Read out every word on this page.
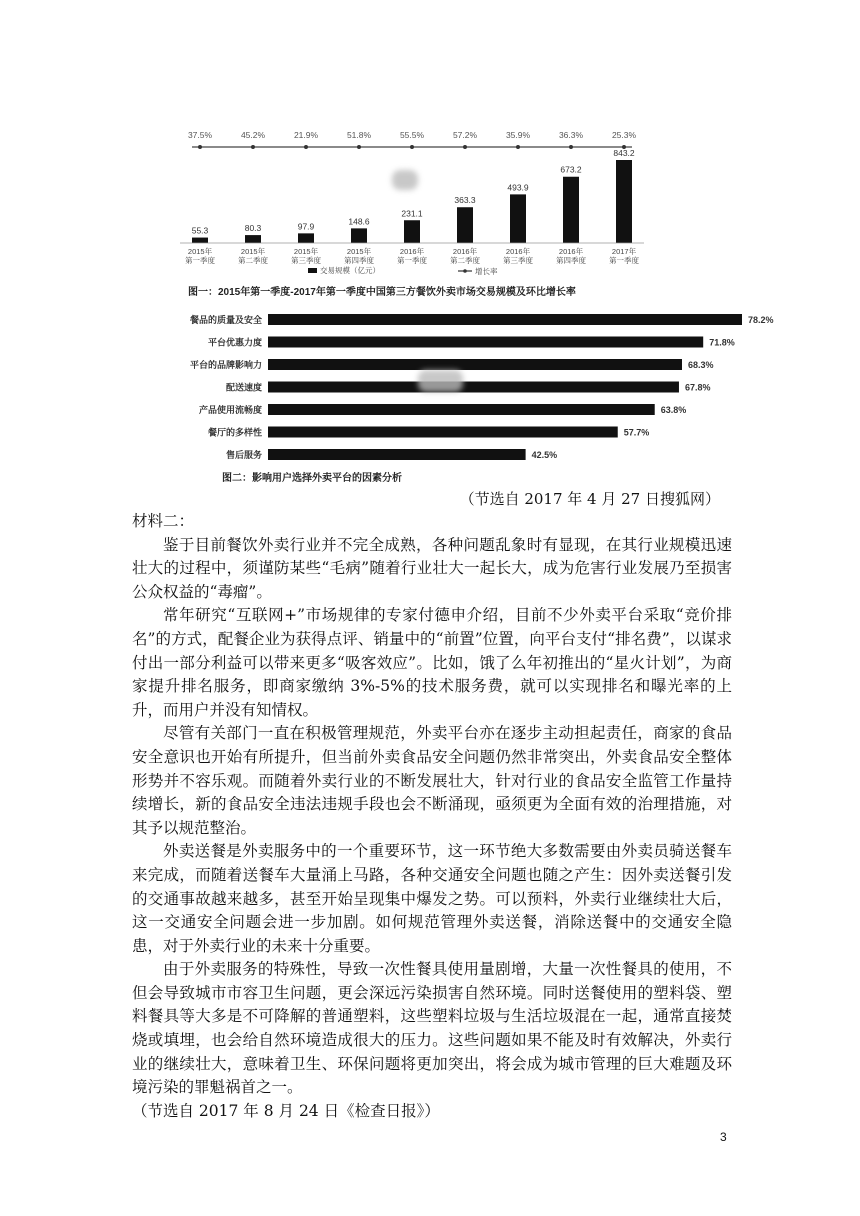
37.5%
55.3
2015年
第一季度
45.2%
80.3
2015年
第二季度
21.9%
97.9
2015年
第三季度
51.8%
148.6
2015年
第四季度
55.5%
231.1
2016年
第一季度
57.2%
363.3
2016年
第二季度
35.9%
493.9
2016年
第三季度
36.3%
673.2
2016年
第四季度
25.3%
843.2
2017年
第一季度
交易规模（亿元）	增长率
图一：2015年第一季度-2017年第一季度中国第三方餐饮外卖市场交易规模及环比增长率
餐品的质量及安全	78.2%
平台优惠力度	71.8%
平台的品牌影响力	68.3%
配送速度	67.8%
产品使用流畅度	63.8%
餐厅的多样性	57.7%
售后服务	42.5%
图二：影响用户选择外卖平台的因素分析
（节选自 2017 年 4 月 27 日搜狐网）

材料二：

鉴于目前餐饮外卖行业并不完全成熟，各种问题乱象时有显现，在其行业规模迅速壮大的过程中，须谨防某些“毛病”随着行业壮大一起长大，成为危害行业发展乃至损害公众权益的“毒瘤”。

常年研究“互联网+”市场规律的专家付德申介绍，目前不少外卖平台采取“竞价排名”的方式，配餐企业为获得点评、销量中的“前置”位置，向平台支付“排名费”，以谋求付出一部分利益可以带来更多“吸客效应”。比如，饿了么年初推出的“星火计划”，为商家提升排名服务，即商家缴纳 3%-5%的技术服务费，就可以实现排名和曝光率的上升，而用户并没有知情权。

尽管有关部门一直在积极管理规范，外卖平台亦在逐步主动担起责任，商家的食品安全意识也开始有所提升，但当前外卖食品安全问题仍然非常突出，外卖食品安全整体形势并不容乐观。而随着外卖行业的不断发展壮大，针对行业的食品安全监管工作量持续增长，新的食品安全违法违规手段也会不断涌现，亟须更为全面有效的治理措施，对其予以规范整治。

外卖送餐是外卖服务中的一个重要环节，这一环节绝大多数需要由外卖员骑送餐车来完成，而随着送餐车大量涌上马路，各种交通安全问题也随之产生：因外卖送餐引发的交通事故越来越多，甚至开始呈现集中爆发之势。可以预料，外卖行业继续壮大后，这一交通安全问题会进一步加剧。如何规范管理外卖送餐，消除送餐中的交通安全隐患，对于外卖行业的未来十分重要。

由于外卖服务的特殊性，导致一次性餐具使用量剧增，大量一次性餐具的使用，不但会导致城市市容卫生问题，更会深远污染损害自然环境。同时送餐使用的塑料袋、塑料餐具等大多是不可降解的普通塑料，这些塑料垃圾与生活垃圾混在一起，通常直接焚烧或填埋，也会给自然环境造成很大的压力。这些问题如果不能及时有效解决，外卖行业的继续壮大，意味着卫生、环保问题将更加突出，将会成为城市管理的巨大难题及环境污染的罪魁祸首之一。

（节选自 2017 年 8 月 24 日《检查日报》）

3
